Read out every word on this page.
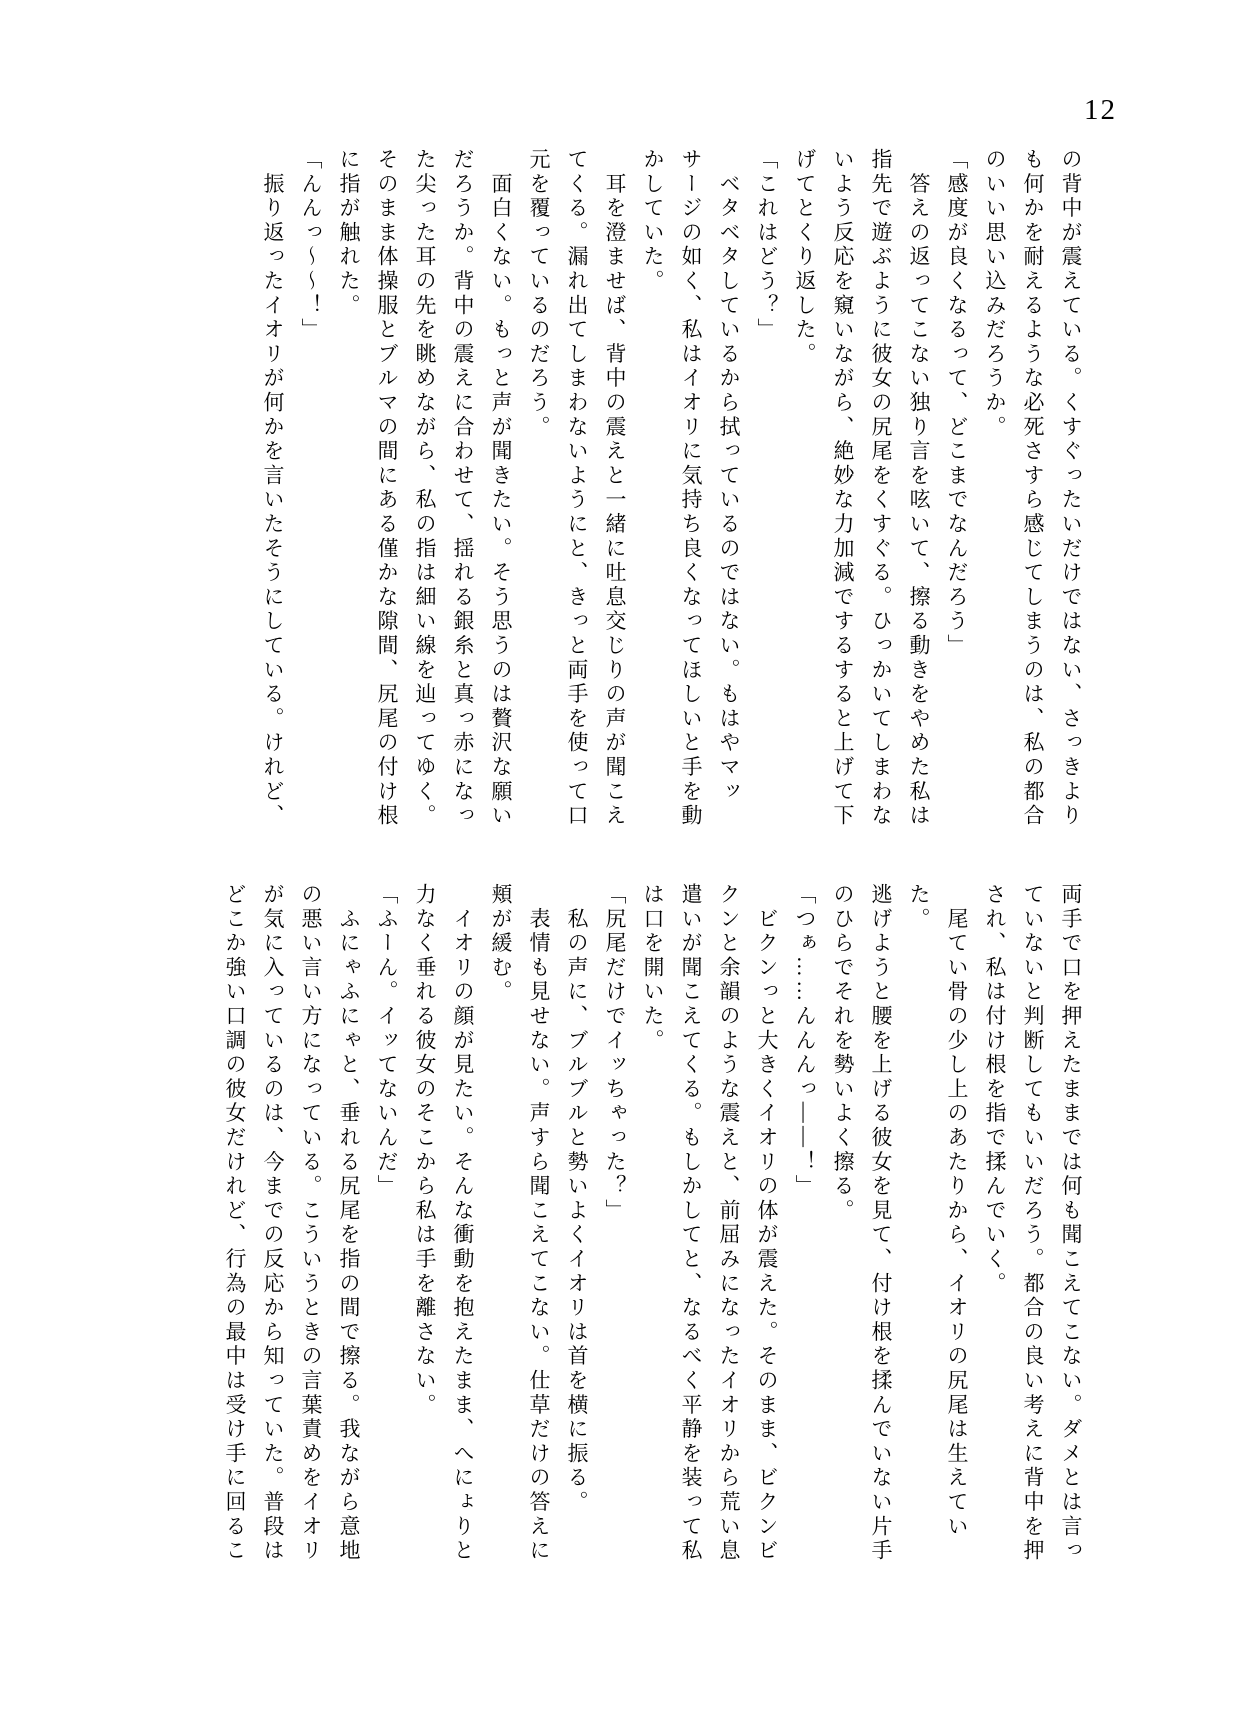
12

の背中が震えている。くすぐったいだけではない、さっきより

も何かを耐えるような必死さすら感じてしまうのは、私の都合

のいい思い込みだろうか。

「感度が良くなるって、どこまでなんだろう」

　答えの返ってこない独り言を呟いて、擦る動きをやめた私は

指先で遊ぶように彼女の尻尾をくすぐる。ひっかいてしまわな

いよう反応を窺いながら、絶妙な力加減でするすると上げて下

げてとくり返した。

「これはどう？」

　ベタベタしているから拭っているのではない。もはやマッ

サージの如く、私はイオリに気持ち良くなってほしいと手を動

かしていた。

　耳を澄ませば、背中の震えと一緒に吐息交じりの声が聞こえ

てくる。漏れ出てしまわないようにと、きっと両手を使って口

元を覆っているのだろう。

　面白くない。もっと声が聞きたい。そう思うのは贅沢な願い

だろうか。背中の震えに合わせて、揺れる銀糸と真っ赤になっ

た尖った耳の先を眺めながら、私の指は細い線を辿ってゆく。

そのまま体操服とブルマの間にある僅かな隙間、尻尾の付け根

に指が触れた。

「んんっ～～！」

　振り返ったイオリが何かを言いたそうにしている。けれど、

両手で口を押えたままでは何も聞こえてこない。ダメとは言っ

ていないと判断してもいいだろう。都合の良い考えに背中を押

され、私は付け根を指で揉んでいく。

　尾てい骨の少し上のあたりから、イオリの尻尾は生えていた。

逃げようと腰を上げる彼女を見て、付け根を揉んでいない片手

のひらでそれを勢いよく擦る。

「つぁ……んんんっ――！」

　ビクンっと大きくイオリの体が震えた。そのまま、ビクンビ

クンと余韻のような震えと、前屈みになったイオリから荒い息

遣いが聞こえてくる。もしかしてと、なるべく平静を装って私

は口を開いた。

「尻尾だけでイッちゃった？」

　私の声に、ブルブルと勢いよくイオリは首を横に振る。

　表情も見せない。声すら聞こえてこない。仕草だけの答えに

頬が緩む。

　イオリの顔が見たい。そんな衝動を抱えたまま、へにょりと

力なく垂れる彼女のそこから私は手を離さない。

「ふーん。イッてないんだ」

　ふにゃふにゃと、垂れる尻尾を指の間で擦る。我ながら意地

の悪い言い方になっている。こういうときの言葉責めをイオリ

が気に入っているのは、今までの反応から知っていた。普段は

どこか強い口調の彼女だけれど、行為の最中は受け手に回るこ
